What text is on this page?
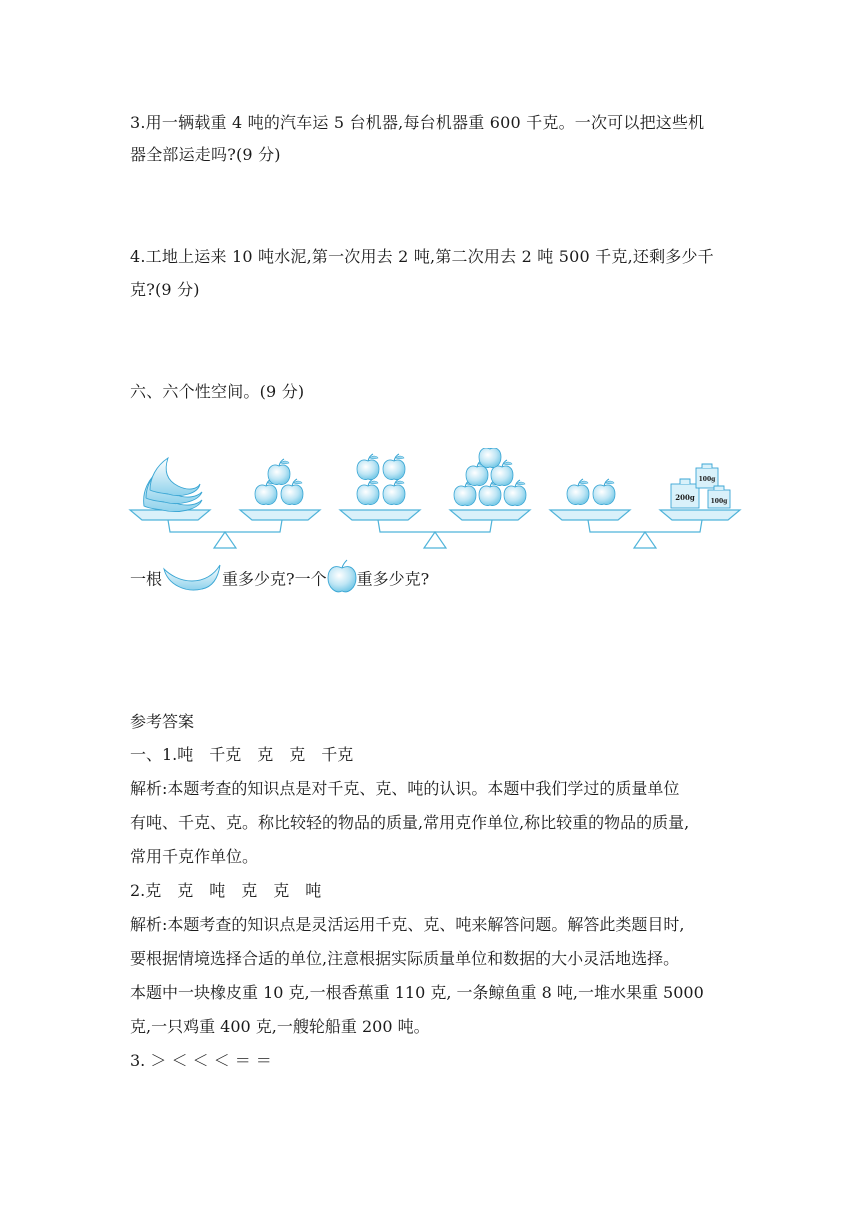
3.用一辆载重 4 吨的汽车运 5 台机器,每台机器重 600 千克。一次可以把这些机
器全部运走吗?(9 分)
4.工地上运来 10 吨水泥,第一次用去 2 吨,第二次用去 2 吨 500 千克,还剩多少千
克?(9 分)
六、六个性空间。(9 分)
200g
100g
100g
一根	重多少克?一个 重多少克?
参考答案
一、1.吨　千克　克　克　千克
解析:本题考查的知识点是对千克、克、吨的认识。本题中我们学过的质量单位
有吨、千克、克。称比较轻的物品的质量,常用克作单位,称比较重的物品的质量,
常用千克作单位。
2.克　克　吨　克　克　吨
解析:本题考查的知识点是灵活运用千克、克、吨来解答问题。解答此类题目时,
要根据情境选择合适的单位,注意根据实际质量单位和数据的大小灵活地选择。
本题中一块橡皮重 10 克,一根香蕉重 110 克, 一条鲸鱼重 8 吨,一堆水果重 5000
克,一只鸡重 400 克,一艘轮船重 200 吨。
3. ＞ ＜ ＜ ＜ ＝ ＝
